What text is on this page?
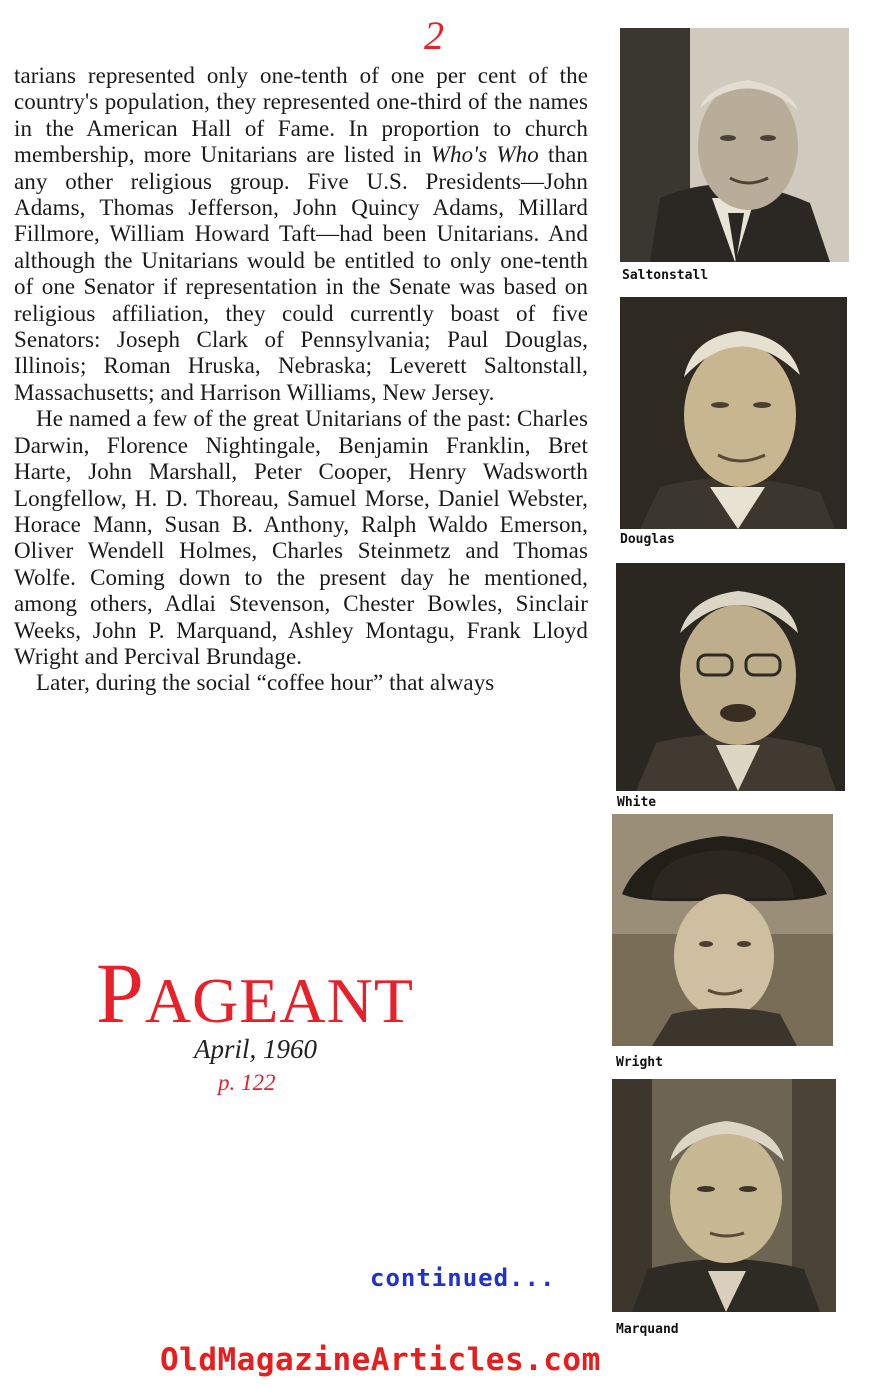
2

tarians represented only one-tenth of one per cent of the country's population, they represented one-third of the names in the American Hall of Fame. In proportion to church membership, more Unitarians are listed in Who's Who than any other religious group. Five U.S. Presidents—John Adams, Thomas Jefferson, John Quincy Adams, Millard Fillmore, William Howard Taft—had been Unitarians. And although the Unitarians would be entitled to only one-tenth of one Senator if representation in the Senate was based on religious affiliation, they could currently boast of five Senators: Joseph Clark of Pennsylvania; Paul Douglas, Illinois; Roman Hruska, Nebraska; Leverett Saltonstall, Massachusetts; and Harrison Williams, New Jersey.

He named a few of the great Unitarians of the past: Charles Darwin, Florence Nightingale, Benjamin Franklin, Bret Harte, John Marshall, Peter Cooper, Henry Wadsworth Longfellow, H. D. Thoreau, Samuel Morse, Daniel Webster, Horace Mann, Susan B. Anthony, Ralph Waldo Emerson, Oliver Wendell Holmes, Charles Steinmetz and Thomas Wolfe. Coming down to the present day he mentioned, among others, Adlai Stevenson, Chester Bowles, Sinclair Weeks, John P. Marquand, Ashley Montagu, Frank Lloyd Wright and Percival Brundage.

Later, during the social “coffee hour” that always

PAGEANT
April, 1960
p. 122
continued...
OldMagazineArticles.com
Saltonstall
Douglas
White
Wright
Marquand
